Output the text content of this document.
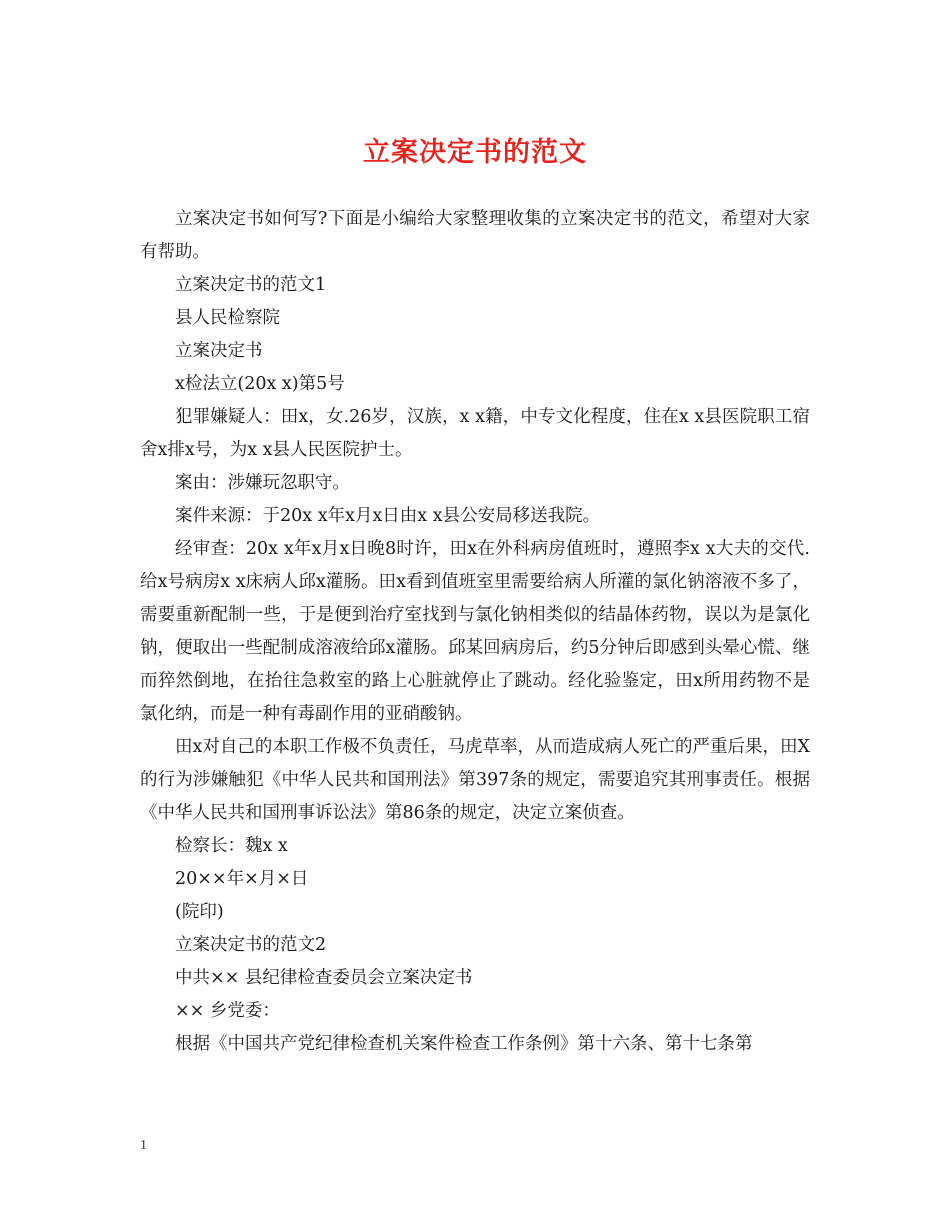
立案决定书的范文

立案决定书如何写?下面是小编给大家整理收集的立案决定书的范文，希望对大家有帮助。

立案决定书的范文1

县人民检察院

立案决定书

x检法立(20x x)第5号

犯罪嫌疑人：田x，女.26岁，汉族，x x籍，中专文化程度，住在x x县医院职工宿舍x排x号，为x x县人民医院护士。

案由：涉嫌玩忽职守。

案件来源：于20x x年x月x日由x x县公安局移送我院。

经审查：20x x年x月x日晚8时许，田x在外科病房值班时，遵照李x x大夫的交代.给x号病房x x床病人邱x灌肠。田x看到值班室里需要给病人所灌的氯化钠溶液不多了，需要重新配制一些，于是便到治疗室找到与氯化钠相类似的结晶体药物，误以为是氯化钠，便取出一些配制成溶液给邱x灌肠。邱某回病房后，约5分钟后即感到头晕心慌、继而猝然倒地，在抬往急救室的路上心脏就停止了跳动。经化验鉴定，田x所用药物不是氯化纳，而是一种有毒副作用的亚硝酸钠。

田x对自己的本职工作极不负责任，马虎草率，从而造成病人死亡的严重后果，田X的行为涉嫌触犯《中华人民共和国刑法》第397条的规定，需要追究其刑事责任。根据《中华人民共和国刑事诉讼法》第86条的规定，决定立案侦查。

检察长：魏x x

20××年×月×日

(院印)

立案决定书的范文2

中共×× 县纪律检查委员会立案决定书

×× 乡党委：

根据《中国共产党纪律检查机关案件检查工作条例》第十六条、第十七条第

1
